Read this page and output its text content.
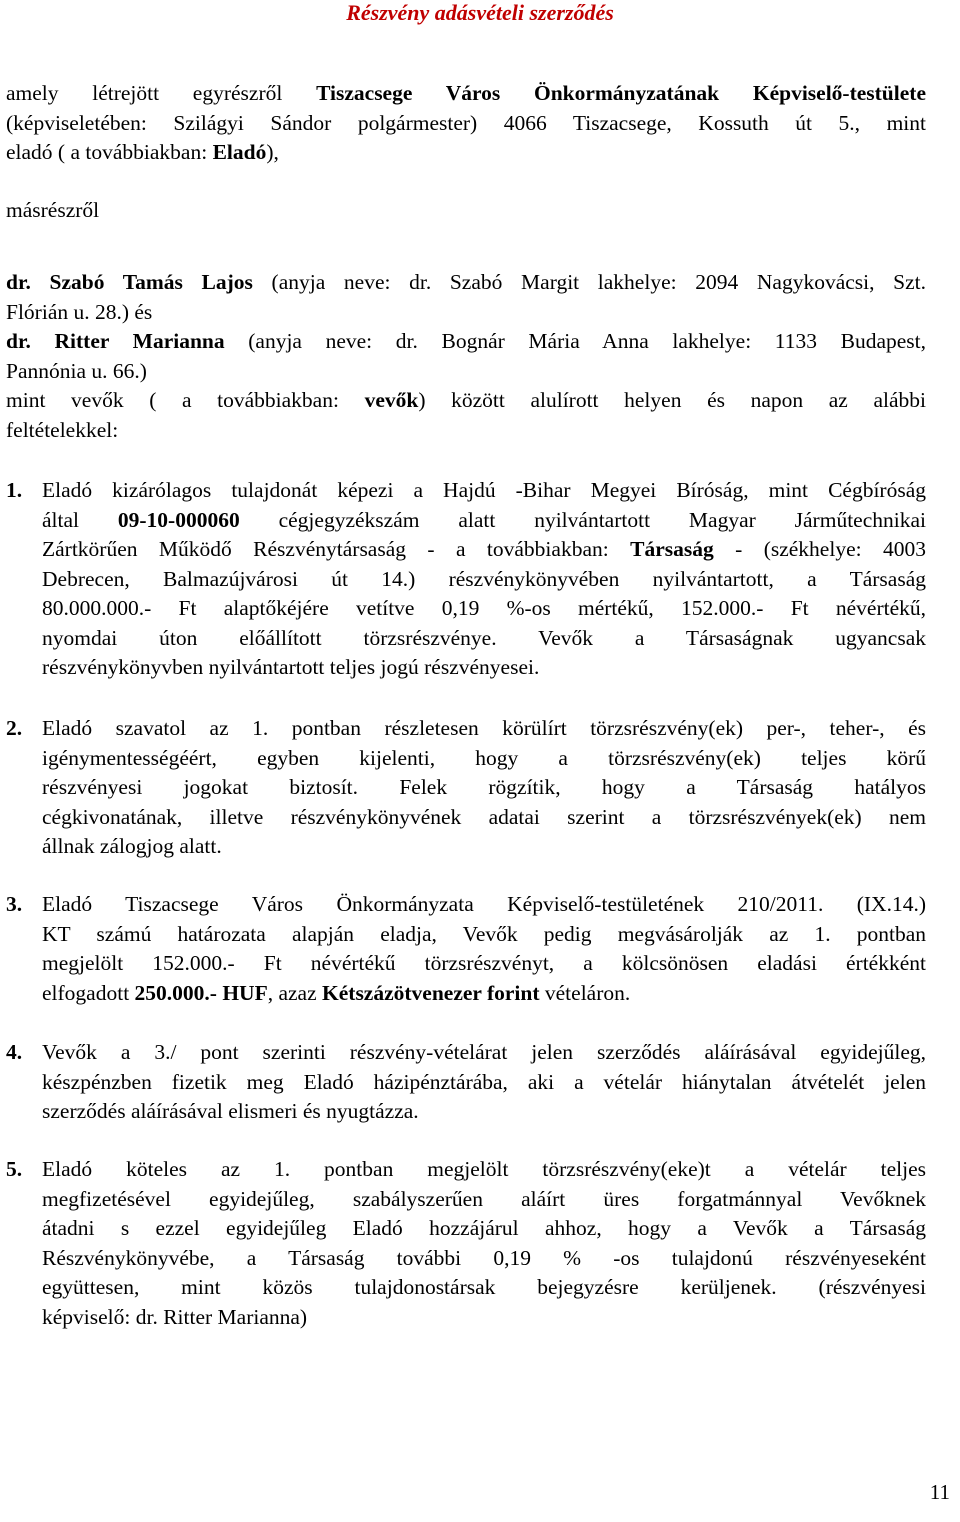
Részvény adásvételi szerződés
amely létrejött egyrészről Tiszacsege Város Önkormányzatának Képviselő-testülete
(képviseletében: Szilágyi Sándor polgármester) 4066 Tiszacsege, Kossuth út 5., mint
eladó ( a továbbiakban: Eladó),
másrészről
dr. Szabó Tamás Lajos (anyja neve: dr. Szabó Margit lakhelye: 2094 Nagykovácsi, Szt.
Flórián u. 28.) és
dr. Ritter Marianna (anyja neve: dr. Bognár Mária Anna lakhelye: 1133 Budapest,
Pannónia u. 66.)
mint vevők ( a továbbiakban: vevők) között alulírott helyen és napon az alábbi
feltételekkel:
1. Eladó kizárólagos tulajdonát képezi a Hajdú -Bihar Megyei Bíróság, mint Cégbíróság
által 09-10-000060 cégjegyzékszám alatt nyilvántartott Magyar Járműtechnikai
Zártkörűen Működő Részvénytársaság - a továbbiakban: Társaság - (székhelye: 4003
Debrecen, Balmazújvárosi út 14.) részvénykönyvében nyilvántartott, a Társaság
80.000.000.- Ft alaptőkéjére vetítve 0,19 %-os mértékű, 152.000.- Ft névértékű,
nyomdai úton előállított törzsrészvénye. Vevők a Társaságnak ugyancsak
részvénykönyvben nyilvántartott teljes jogú részvényesei.
2. Eladó szavatol az 1. pontban részletesen körülírt törzsrészvény(ek) per-, teher-, és
igénymentességéért, egyben kijelenti, hogy a törzsrészvény(ek) teljes körű
részvényesi jogokat biztosít. Felek rögzítik, hogy a Társaság hatályos
cégkivonatának, illetve részvénykönyvének adatai szerint a törzsrészvények(ek) nem
állnak zálogjog alatt.
3. Eladó Tiszacsege Város Önkormányzata Képviselő-testületének 210/2011. (IX.14.)
KT számú határozata alapján eladja, Vevők pedig megvásárolják az 1. pontban
megjelölt 152.000.- Ft névértékű törzsrészvényt, a kölcsönösen eladási értékként
elfogadott 250.000.- HUF, azaz Kétszázötvenezer forint vételáron.
4. Vevők a 3./ pont szerinti részvény-vételárat jelen szerződés aláírásával egyidejűleg,
készpénzben fizetik meg Eladó házipénztárába, aki a vételár hiánytalan átvételét jelen
szerződés aláírásával elismeri és nyugtázza.
5. Eladó köteles az 1. pontban megjelölt törzsrészvény(eke)t a vételár teljes
megfizetésével egyidejűleg, szabályszerűen aláírt üres forgatmánnyal Vevőknek
átadni s ezzel egyidejűleg Eladó hozzájárul ahhoz, hogy a Vevők a Társaság
Részvénykönyvébe, a Társaság további 0,19 % -os tulajdonú részvényeseként
együttesen, mint közös tulajdonostársak bejegyzésre kerüljenek. (részvényesi
képviselő: dr. Ritter Marianna)
11
